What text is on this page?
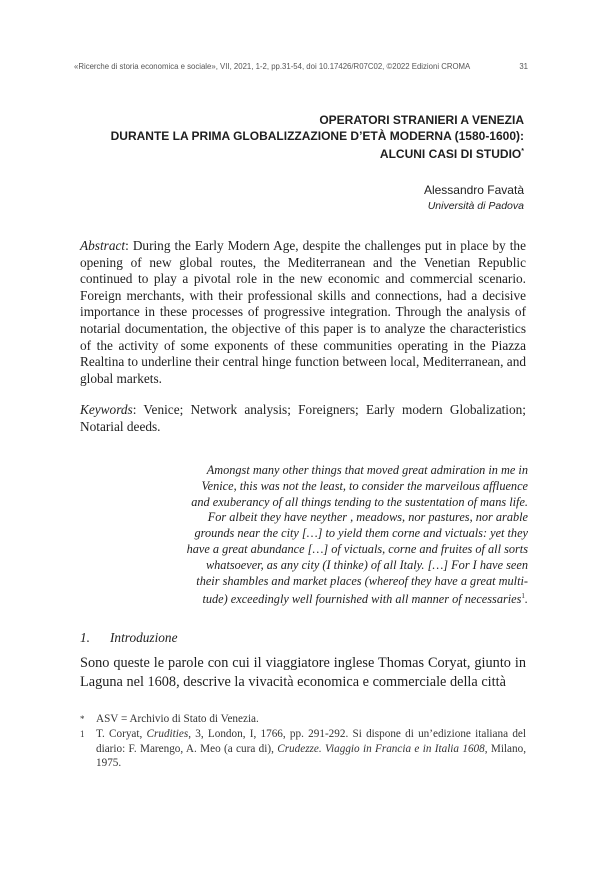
«Ricerche di storia economica e sociale», VII, 2021, 1-2, pp.31-54, doi 10.17426/R07C02, ©2022 Edizioni CROMA	31
OPERATORI STRANIERI A VENEZIA
DURANTE LA PRIMA GLOBALIZZAZIONE D’ETÀ MODERNA (1580-1600):
ALCUNI CASI DI STUDIO*
Alessandro Favatà
Università di Padova
Abstract: During the Early Modern Age, despite the challenges put in place by the opening of new global routes, the Mediterranean and the Venetian Republic continued to play a pivotal role in the new economic and commercial scenario. Foreign merchants, with their professional skills and connections, had a decisive importance in these processes of progressive integration. Through the analysis of notarial documentation, the objective of this paper is to analyze the characteristics of the activity of some exponents of these communities operating in the Piazza Realtina to underline their central hinge function between local, Mediterranean, and global markets.
Keywords: Venice; Network analysis; Foreigners; Early modern Globalization; Notarial deeds.
Amongst many other things that moved great admiration in me in
Venice, this was not the least, to consider the marveilous affluence
and exuberancy of all things tending to the sustentation of mans life.
For albeit they have neyther , meadows, nor pastures, nor arable
grounds near the city […] to yield them corne and victuals: yet they
have a great abundance […] of victuals, corne and fruites of all sorts
whatsoever, as any city (I thinke) of all Italy. […] For I have seen
their shambles and market places (whereof they have a great multi-
tude) exceedingly well fournished with all manner of necessaries$^1$.
1. Introduzione
Sono queste le parole con cui il viaggiatore inglese Thomas Coryat, giunto in Laguna nel 1608, descrive la vivacità economica e commerciale della città
*	ASV = Archivio di Stato di Venezia.
1	T. Coryat, Crudities, 3, London, I, 1766, pp. 291-292. Si dispone di un’edizione italiana del diario: F. Marengo, A. Meo (a cura di), Crudezze. Viaggio in Francia e in Italia 1608, Milano, 1975.
